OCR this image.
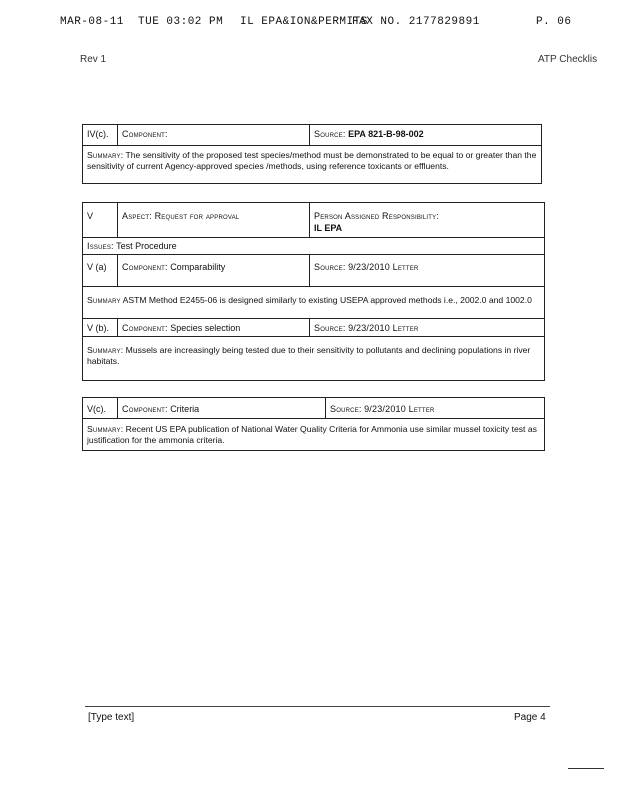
MAR-08-11 TUE 03:02 PM IL EPA&ION&PERMITS
FAX NO. 2177829891	P. 06
Rev 1	ATP Checklis
IV(c).	Component:	Source: EPA 821-B-98-002
Summary: The sensitivity of the proposed test species/method must be demonstrated to be equal to or greater than the sensitivity of current Agency-approved species /methods, using reference toxicants or effluents.
V	Aspect: Request for approval	Person Assigned Responsibility:
IL EPA
Issues: Test Procedure
V (a)	Component: Comparability	Source: 9/23/2010 Letter
Summary ASTM Method E2455-06 is designed similarly to existing USEPA approved methods i.e., 2002.0 and 1002.0
V (b).	Component: Species selection	Source: 9/23/2010 Letter
Summary: Mussels are increasingly being tested due to their sensitivity to pollutants and declining populations in river habitats.
V(c).	Component: Criteria	Source: 9/23/2010 Letter
Summary: Recent US EPA publication of National Water Quality Criteria for Ammonia use similar mussel toxicity test as justification for the ammonia criteria.
[Type text]	Page 4
